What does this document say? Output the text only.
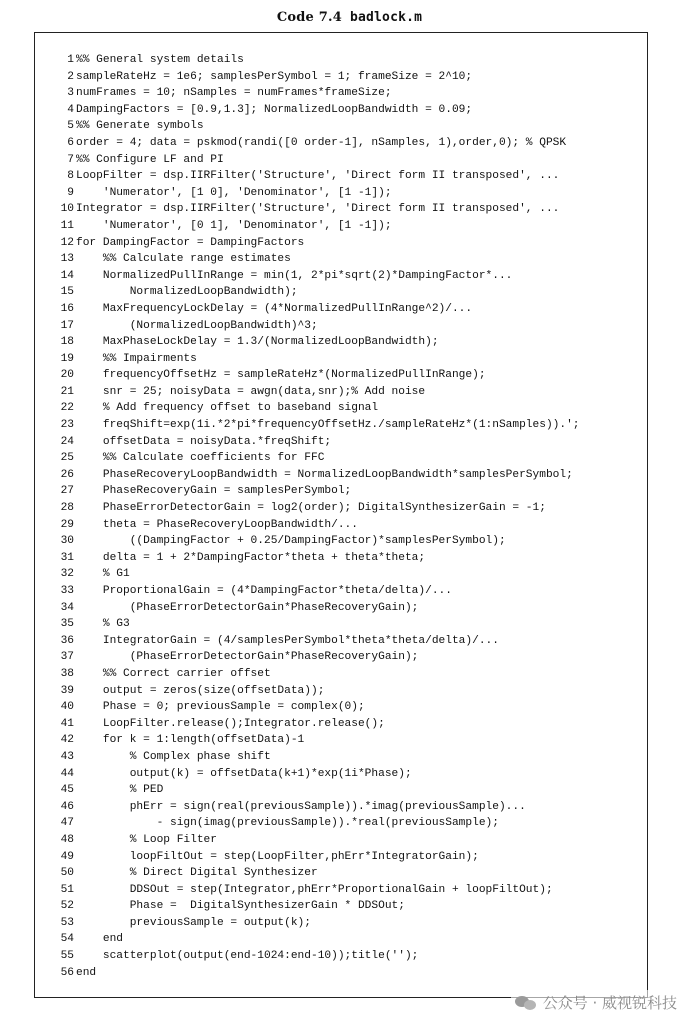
Code 7.4 badlock.m
1 %% General system details
2 sampleRateHz = 1e6; samplesPerSymbol = 1; frameSize = 2^10;
3 numFrames = 10; nSamples = numFrames*frameSize;
4 DampingFactors = [0.9,1.3]; NormalizedLoopBandwidth = 0.09;
5 %% Generate symbols
6 order = 4; data = pskmod(randi([0 order-1], nSamples, 1),order,0); % QPSK
7 %% Configure LF and PI
8 LoopFilter = dsp.IIRFilter('Structure', 'Direct form II transposed', ...
9 'Numerator', [1 0], 'Denominator', [1 -1]);
10 Integrator = dsp.IIRFilter('Structure', 'Direct form II transposed', ...
11 'Numerator', [0 1], 'Denominator', [1 -1]);
12 for DampingFactor = DampingFactors
13 %% Calculate range estimates
14 NormalizedPullInRange = min(1, 2*pi*sqrt(2)*DampingFactor*...
15 NormalizedLoopBandwidth);
16 MaxFrequencyLockDelay = (4*NormalizedPullInRange^2)/...
17 (NormalizedLoopBandwidth)^3;
18 MaxPhaseLockDelay = 1.3/(NormalizedLoopBandwidth);
19 %% Impairments
20 frequencyOffsetHz = sampleRateHz*(NormalizedPullInRange);
21 snr = 25; noisyData = awgn(data,snr);% Add noise
22 % Add frequency offset to baseband signal
23 freqShift=exp(1i.*2*pi*frequencyOffsetHz./sampleRateHz*(1:nSamples)).';
24 offsetData = noisyData.*freqShift;
25 %% Calculate coefficients for FFC
26 PhaseRecoveryLoopBandwidth = NormalizedLoopBandwidth*samplesPerSymbol;
27 PhaseRecoveryGain = samplesPerSymbol;
28 PhaseErrorDetectorGain = log2(order); DigitalSynthesizerGain = -1;
29 theta = PhaseRecoveryLoopBandwidth/...
30 ((DampingFactor + 0.25/DampingFactor)*samplesPerSymbol);
31 delta = 1 + 2*DampingFactor*theta + theta*theta;
32 % G1
33 ProportionalGain = (4*DampingFactor*theta/delta)/...
34 (PhaseErrorDetectorGain*PhaseRecoveryGain);
35 % G3
36 IntegratorGain = (4/samplesPerSymbol*theta*theta/delta)/...
37 (PhaseErrorDetectorGain*PhaseRecoveryGain);
38 %% Correct carrier offset
39 output = zeros(size(offsetData));
40 Phase = 0; previousSample = complex(0);
41 LoopFilter.release();Integrator.release();
42 for k = 1:length(offsetData)-1
43 % Complex phase shift
44 output(k) = offsetData(k+1)*exp(1i*Phase);
45 % PED
46 phErr = sign(real(previousSample)).*imag(previousSample)...
47 - sign(imag(previousSample)).*real(previousSample);
48 % Loop Filter
49 loopFiltOut = step(LoopFilter,phErr*IntegratorGain);
50 % Direct Digital Synthesizer
51 DDSOut = step(Integrator,phErr*ProportionalGain + loopFiltOut);
52 Phase =  DigitalSynthesizerGain * DDSOut;
53 previousSample = output(k);
54 end
55 scatterplot(output(end-1024:end-10));title('');
56 end
公众号 · 威视锐科技
